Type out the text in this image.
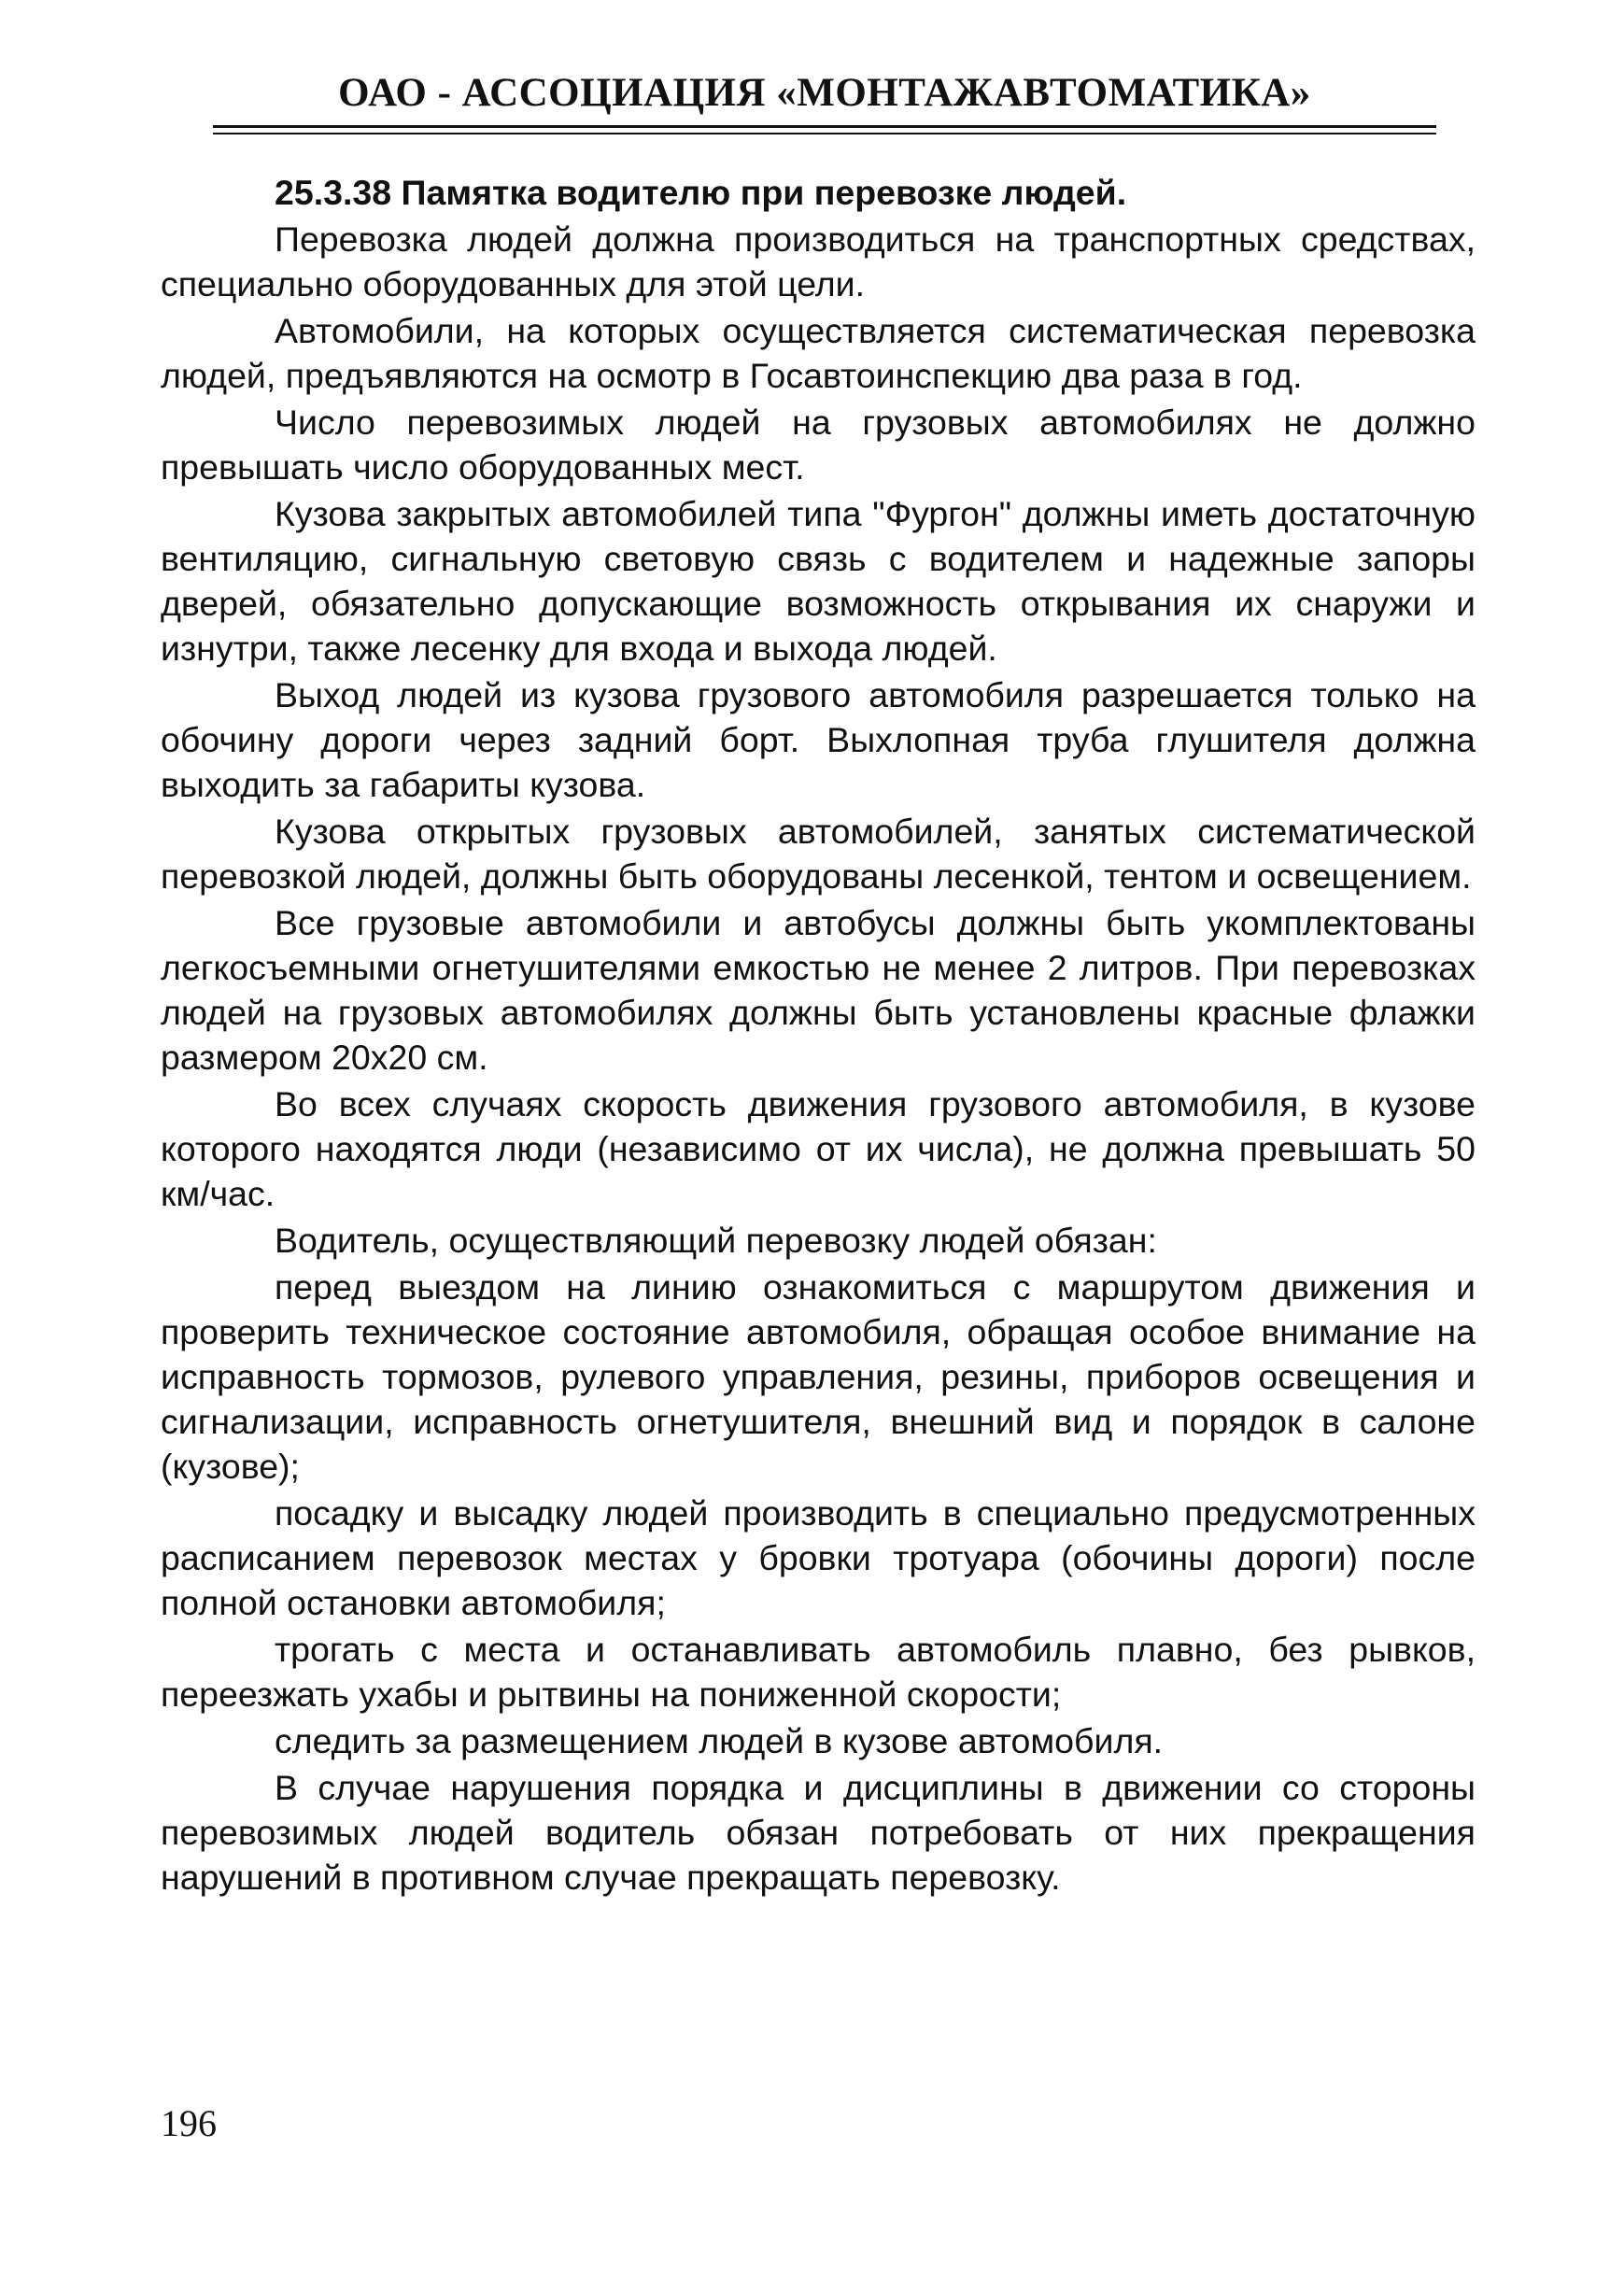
ОАО - АССОЦИАЦИЯ «МОНТАЖАВТОМАТИКА»
25.3.38 Памятка водителю при перевозке людей.

Перевозка людей должна производиться на транспортных средствах, специально оборудованных для этой цели.

Автомобили, на которых осуществляется систематическая перевозка людей, предъявляются на осмотр в Госавтоинспекцию два раза в год.

Число перевозимых людей на грузовых автомобилях не должно превышать число оборудованных мест.

Кузова закрытых автомобилей типа "Фургон" должны иметь достаточную вентиляцию, сигнальную световую связь с водителем и надежные запоры дверей, обязательно допускающие возможность открывания их снаружи и изнутри, также лесенку для входа и выхода людей.

Выход людей из кузова грузового автомобиля разрешается только на обочину дороги через задний борт. Выхлопная труба глушителя должна выходить за габариты кузова.

Кузова открытых грузовых автомобилей, занятых систематической перевозкой людей, должны быть оборудованы лесенкой, тентом и освещением.

Все грузовые автомобили и автобусы должны быть укомплектованы легкосъемными огнетушителями емкостью не менее 2 литров. При перевозках людей на грузовых автомобилях должны быть установлены красные флажки размером 20х20 см.

Во всех случаях скорость движения грузового автомобиля, в кузове которого находятся люди (независимо от их числа), не должна превышать 50 км/час.

Водитель, осуществляющий перевозку людей обязан:

перед выездом на линию ознакомиться с маршрутом движения и проверить техническое состояние автомобиля, обращая особое внимание на исправность тормозов, рулевого управления, резины, приборов освещения и сигнализации, исправность огнетушителя, внешний вид и порядок в салоне (кузове);

посадку и высадку людей производить в специально предусмотренных расписанием перевозок местах у бровки тротуара (обочины дороги) после полной остановки автомобиля;

трогать с места и останавливать автомобиль плавно, без рывков, переезжать ухабы и рытвины на пониженной скорости;

следить за размещением людей в кузове автомобиля.

В случае нарушения порядка и дисциплины в движении со стороны перевозимых людей водитель обязан потребовать от них прекращения нарушений в противном случае прекращать перевозку.

196
